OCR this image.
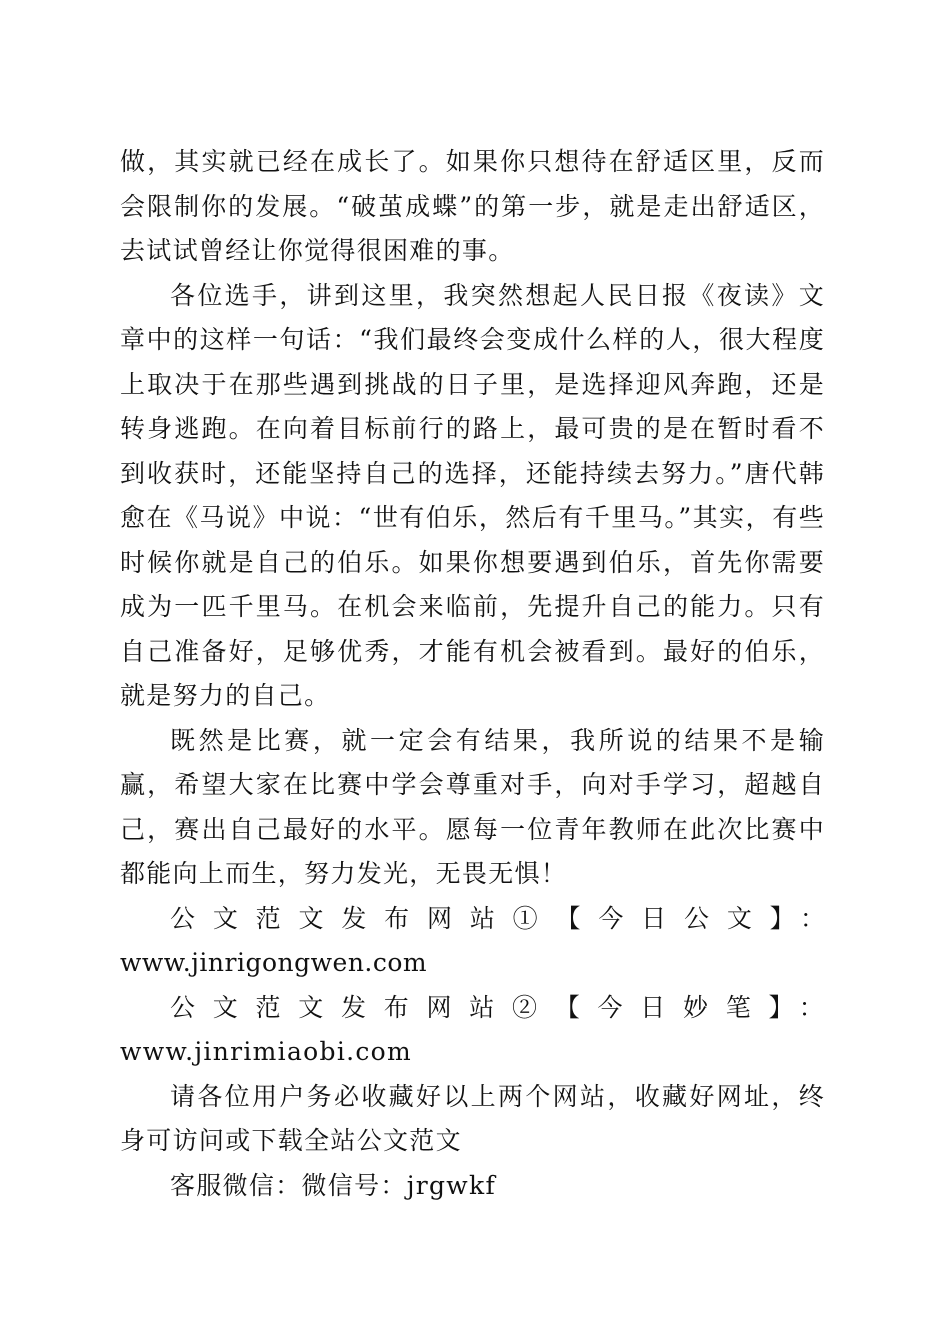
做，其实就已经在成长了。如果你只想待在舒适区里，反而会限制你的发展。“破茧成蝶”的第一步，就是走出舒适区，去试试曾经让你觉得很困难的事。

各位选手，讲到这里，我突然想起人民日报《夜读》文章中的这样一句话：“我们最终会变成什么样的人，很大程度上取决于在那些遇到挑战的日子里，是选择迎风奔跑，还是转身逃跑。在向着目标前行的路上，最可贵的是在暂时看不到收获时，还能坚持自己的选择，还能持续去努力。”唐代韩愈在《马说》中说：“世有伯乐，然后有千里马。”其实，有些时候你就是自己的伯乐。如果你想要遇到伯乐，首先你需要成为一匹千里马。在机会来临前，先提升自己的能力。只有自己准备好，足够优秀，才能有机会被看到。最好的伯乐，就是努力的自己。

既然是比赛，就一定会有结果，我所说的结果不是输赢，希望大家在比赛中学会尊重对手，向对手学习，超越自己，赛出自己最好的水平。愿每一位青年教师在此次比赛中都能向上而生，努力发光，无畏无惧！

公文范文发布网站①【今日公文】：

www.jinrigongwen.com

公文范文发布网站②【今日妙笔】：www.jinrimiaobi.com

请各位用户务必收藏好以上两个网站，收藏好网址，终身可访问或下载全站公文范文

客服微信：微信号：jrgwkf
